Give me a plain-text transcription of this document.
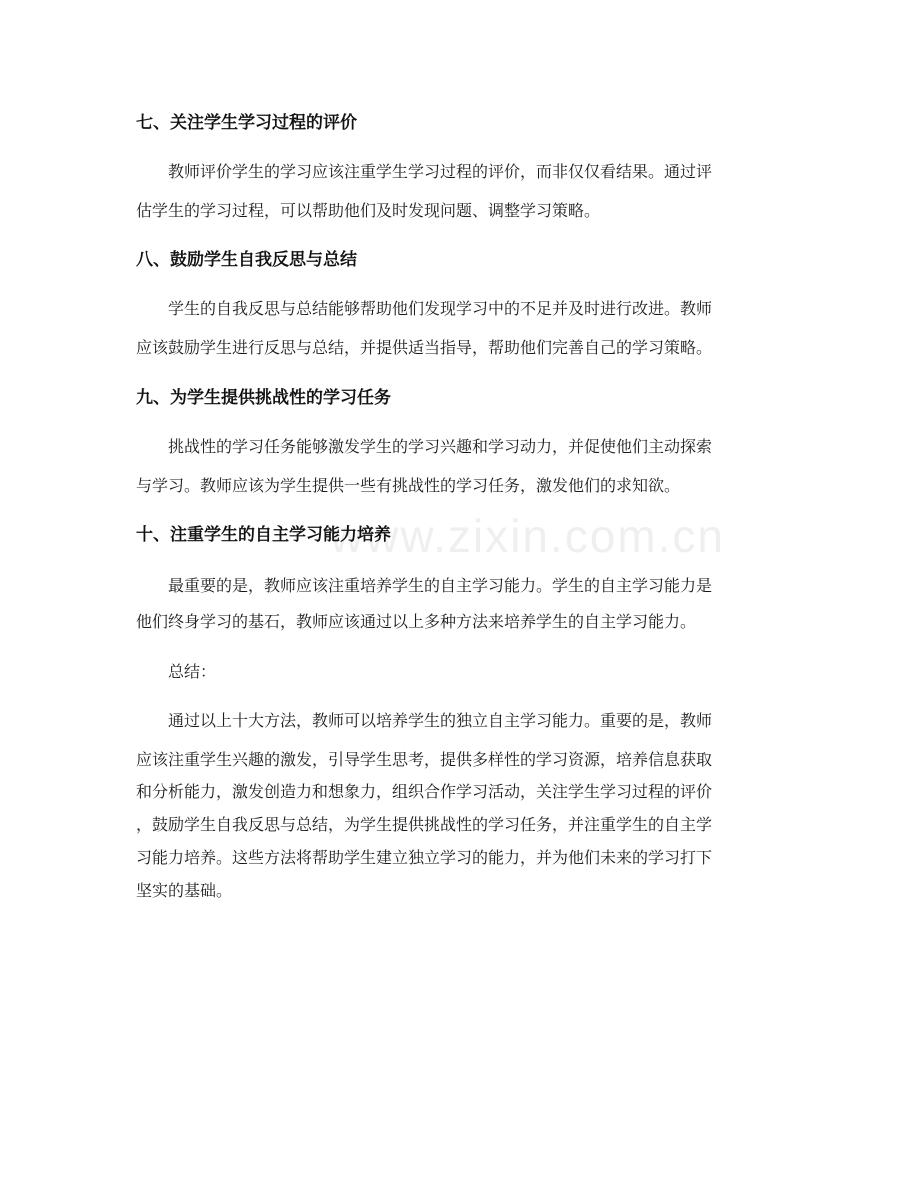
www.zixin.com.cn
七、关注学生学习过程的评价
教师评价学生的学习应该注重学生学习过程的评价，而非仅仅看结果。通过评
估学生的学习过程，可以帮助他们及时发现问题、调整学习策略。
八、鼓励学生自我反思与总结
学生的自我反思与总结能够帮助他们发现学习中的不足并及时进行改进。教师
应该鼓励学生进行反思与总结，并提供适当指导，帮助他们完善自己的学习策略。
九、为学生提供挑战性的学习任务
挑战性的学习任务能够激发学生的学习兴趣和学习动力，并促使他们主动探索
与学习。教师应该为学生提供一些有挑战性的学习任务，激发他们的求知欲。
十、注重学生的自主学习能力培养
最重要的是，教师应该注重培养学生的自主学习能力。学生的自主学习能力是
他们终身学习的基石，教师应该通过以上多种方法来培养学生的自主学习能力。
总结：
通过以上十大方法，教师可以培养学生的独立自主学习能力。重要的是，教师
应该注重学生兴趣的激发，引导学生思考，提供多样性的学习资源，培养信息获取
和分析能力，激发创造力和想象力，组织合作学习活动，关注学生学习过程的评价
，鼓励学生自我反思与总结，为学生提供挑战性的学习任务，并注重学生的自主学
习能力培养。这些方法将帮助学生建立独立学习的能力，并为他们未来的学习打下
坚实的基础。
